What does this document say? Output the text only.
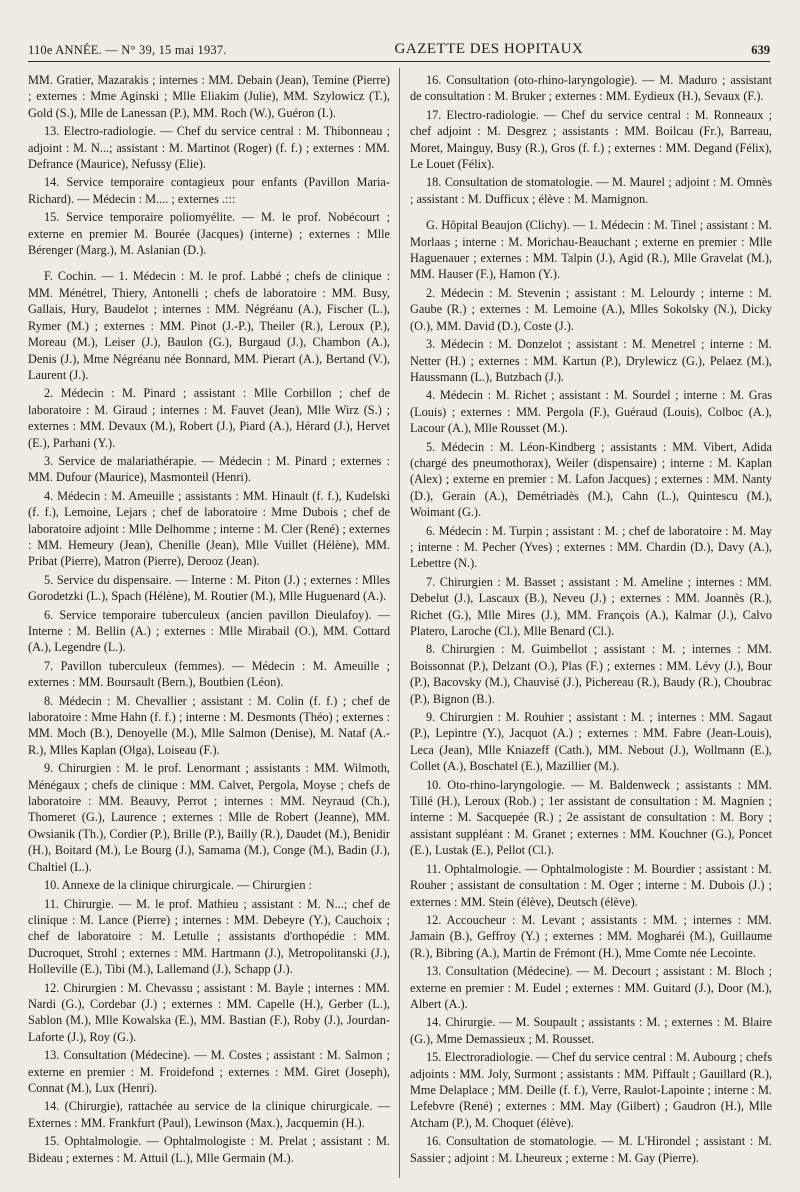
110e ANNÉE. — N° 39, 15 mai 1937.	GAZETTE DES HOPITAUX	639

MM. Gratier, Mazarakis ; internes : MM. Debain (Jean), Temine (Pierre) ; externes : Mme Aginski ; Mlle Eliakim (Julie), MM. Szylowicz (T.), Gold (S.), Mlle de Lanessan (P.), MM. Roch (W.), Guéron (I.).

13. Electro-radiologie. — Chef du service central : M. Thibonneau ; adjoint : M. N...; assistant : M. Martinot (Roger) (f. f.) ; externes : MM. Defrance (Maurice), Nefussy (Elie).

14. Service temporaire contagieux pour enfants (Pavillon Maria-Richard). — Médecin : M.... ; externes .:::

15. Service temporaire poliomyélite. — M. le prof. Nobécourt ; externe en premier M. Bourée (Jacques) (interne) ; externes : Mlle Bérenger (Marg.), M. Aslanian (D.).

F. Cochin. — 1. Médecin : M. le prof. Labbé ; chefs de clinique : MM. Ménétrel, Thiery, Antonelli ; chefs de laboratoire : MM. Busy, Gallais, Hury, Baudelot ; internes : MM. Négréanu (A.), Fischer (L.), Rymer (M.) ; externes : MM. Pinot (J.-P.), Theiler (R.), Leroux (P.), Moreau (M.), Leiser (J.), Baulon (G.), Burgaud (J.), Chambon (A.), Denis (J.), Mme Négréanu née Bonnard, MM. Pierart (A.), Bertand (V.), Laurent (J.).

2. Médecin : M. Pinard ; assistant : Mlle Corbillon ; chef de laboratoire : M. Giraud ; internes : M. Fauvet (Jean), Mlle Wirz (S.) ; externes : MM. Devaux (M.), Robert (J.), Piard (A.), Hérard (J.), Hervet (E.), Parhani (Y.).

3. Service de malariathérapie. — Médecin : M. Pinard ; externes : MM. Dufour (Maurice), Masmonteil (Henri).

4. Médecin : M. Ameuille ; assistants : MM. Hinault (f. f.), Kudelski (f. f.), Lemoine, Lejars ; chef de laboratoire : Mme Dubois ; chef de laboratoire adjoint : Mlle Delhomme ; interne : M. Cler (René) ; externes : MM. Hemeury (Jean), Chenille (Jean), Mlle Vuillet (Hélène), MM. Pribat (Pierre), Matron (Pierre), Derooz (Jean).

5. Service du dispensaire. — Interne : M. Piton (J.) ; externes : Mlles Gorodetzki (L.), Spach (Hélène), M. Routier (M.), Mlle Huguenard (A.).

6. Service temporaire tuberculeux (ancien pavillon Dieulafoy). — Interne : M. Bellin (A.) ; externes : Mlle Mirabail (O.), MM. Cottard (A.), Legendre (L.).

7. Pavillon tuberculeux (femmes). — Médecin : M. Ameuille ; externes : MM. Boursault (Bern.), Boutbien (Léon).

8. Médecin : M. Chevallier ; assistant : M. Colin (f. f.) ; chef de laboratoire : Mme Hahn (f. f.) ; interne : M. Desmonts (Théo) ; externes : MM. Moch (B.), Denoyelle (M.), Mlle Salmon (Denise), M. Nataf (A.-R.), Mlles Kaplan (Olga), Loiseau (F.).

9. Chirurgien : M. le prof. Lenormant ; assistants : MM. Wilmoth, Ménégaux ; chefs de clinique : MM. Calvet, Pergola, Moyse ; chefs de laboratoire : MM. Beauvy, Perrot ; internes : MM. Neyraud (Ch.), Thomeret (G.), Laurence ; externes : Mlle de Robert (Jeanne), MM. Owsianik (Th.), Cordier (P.), Brille (P.), Bailly (R.), Daudet (M.), Benidir (H.), Boitard (M.), Le Bourg (J.), Samama (M.), Conge (M.), Badin (J.), Chaltiel (L.).

10. Annexe de la clinique chirurgicale. — Chirurgien :

11. Chirurgie. — M. le prof. Mathieu ; assistant : M. N...; chef de clinique : M. Lance (Pierre) ; internes : MM. Debeyre (Y.), Cauchoix ; chef de laboratoire : M. Letulle ; assistants d'orthopédie : MM. Ducroquet, Strohl ; externes : MM. Hartmann (J.), Metropolitanski (J.), Holleville (E.), Tibi (M.), Lallemand (J.), Schapp (J.).

12. Chirurgien : M. Chevassu ; assistant : M. Bayle ; internes : MM. Nardi (G.), Cordebar (J.) ; externes : MM. Capelle (H.), Gerber (L.), Sablon (M.), Mlle Kowalska (E.), MM. Bastian (F.), Roby (J.), Jourdan-Laforte (J.), Roy (G.).

13. Consultation (Médecine). — M. Costes ; assistant : M. Salmon ; externe en premier : M. Froidefond ; externes : MM. Giret (Joseph), Connat (M.), Lux (Henri).

14. (Chirurgie), rattachée au service de la clinique chirurgicale. — Externes : MM. Frankfurt (Paul), Lewinson (Max.), Jacquemin (H.).

15. Ophtalmologie. — Ophtalmologiste : M. Prelat ; assistant : M. Bideau ; externes : M. Attuil (L.), Mlle Germain (M.).

16. Consultation (oto-rhino-laryngologie). — M. Maduro ; assistant de consultation : M. Bruker ; externes : MM. Eydieux (H.), Sevaux (F.).

17. Electro-radiologie. — Chef du service central : M. Ronneaux ; chef adjoint : M. Desgrez ; assistants : MM. Boilcau (Fr.), Barreau, Moret, Mainguy, Busy (R.), Gros (f. f.) ; externes : MM. Degand (Félix), Le Louet (Félix).

18. Consultation de stomatologie. — M. Maurel ; adjoint : M. Omnès ; assistant : M. Dufficux ; élève : M. Mamignon.

G. Hôpital Beaujon (Clichy). — 1. Médecin : M. Tinel ; assistant : M. Morlaas ; interne : M. Morichau-Beauchant ; externe en premier : Mlle Haguenauer ; externes : MM. Talpin (J.), Agid (R.), Mlle Gravelat (M.), MM. Hauser (F.), Hamon (Y.).

2. Médecin : M. Stevenin ; assistant : M. Lelourdy ; interne : M. Gaube (R.) ; externes : M. Lemoine (A.), Mlles Sokolsky (N.), Dicky (O.), MM. David (D.), Coste (J.).

3. Médecin : M. Donzelot ; assistant : M. Menetrel ; interne : M. Netter (H.) ; externes : MM. Kartun (P.), Drylewicz (G.), Pelaez (M.), Haussmann (L.), Butzbach (J.).

4. Médecin : M. Richet ; assistant : M. Sourdel ; interne : M. Gras (Louis) ; externes : MM. Pergola (F.), Guéraud (Louis), Colboc (A.), Lacour (A.), Mlle Rousset (M.).

5. Médecin : M. Léon-Kindberg ; assistants : MM. Vibert, Adida (chargé des pneumothorax), Weiler (dispensaire) ; interne : M. Kaplan (Alex) ; externe en premier : M. Lafon Jacques) ; externes : MM. Nanty (D.), Gerain (A.), Demétriadès (M.), Cahn (L.), Quintescu (M.), Woimant (G.).

6. Médecin : M. Turpin ; assistant : M. ; chef de laboratoire : M. May ; interne : M. Pecher (Yves) ; externes : MM. Chardin (D.), Davy (A.), Lebettre (N.).

7. Chirurgien : M. Basset ; assistant : M. Ameline ; internes : MM. Debelut (J.), Lascaux (B.), Neveu (J.) ; externes : MM. Joannès (R.), Richet (G.), Mlle Mires (J.), MM. François (A.), Kalmar (J.), Calvo Platero, Laroche (Cl.), Mlle Benard (Cl.).

8. Chirurgien : M. Guimbellot ; assistant : M. ; internes : MM. Boissonnat (P.), Delzant (O.), Plas (F.) ; externes : MM. Lévy (J.), Bour (P.), Bacovsky (M.), Chauvisé (J.), Pichereau (R.), Baudy (R.), Choubrac (P.), Bignon (B.).

9. Chirurgien : M. Rouhier ; assistant : M. ; internes : MM. Sagaut (P.), Lepintre (Y.), Jacquot (A.) ; externes : MM. Fabre (Jean-Louis), Leca (Jean), Mlle Kniazeff (Cath.), MM. Nebout (J.), Wollmann (E.), Collet (A.), Boschatel (E.), Mazillier (M.).

10. Oto-rhino-laryngologie. — M. Baldenweck ; assistants : MM. Tillé (H.), Leroux (Rob.) ; 1er assistant de consultation : M. Magnien ; interne : M. Sacquepée (R.) ; 2e assistant de consultation : M. Bory ; assistant suppléant : M. Granet ; externes : MM. Kouchner (G.), Poncet (E.), Lustak (E.), Pellot (Cl.).

11. Ophtalmologie. — Ophtalmologiste : M. Bourdier ; assistant : M. Rouher ; assistant de consultation : M. Oger ; interne : M. Dubois (J.) ; externes : MM. Stein (élève), Deutsch (élève).

12. Accoucheur : M. Levant ; assistants : MM. ; internes : MM. Jamain (B.), Geffroy (Y.) ; externes : MM. Mogharéi (M.), Guillaume (R.), Bibring (A.), Martin de Frémont (H.), Mme Comte née Lecointe.

13. Consultation (Médecine). — M. Decourt ; assistant : M. Bloch ; externe en premier : M. Eudel ; externes : MM. Guitard (J.), Door (M.), Albert (A.).

14. Chirurgie. — M. Soupault ; assistants : M. ; externes : M. Blaire (G.), Mme Demassieux ; M. Rousset.

15. Electroradiologie. — Chef du service central : M. Aubourg ; chefs adjoints : MM. Joly, Surmont ; assistants : MM. Piffault ; Gauillard (R.), Mme Delaplace ; MM. Deille (f. f.), Verre, Raulot-Lapointe ; interne : M. Lefebvre (René) ; externes : MM. May (Gilbert) ; Gaudron (H.), Mlle Atcham (P.), M. Choquet (élève).

16. Consultation de stomatologie. — M. L'Hirondel ; assistant : M. Sassier ; adjoint : M. Lheureux ; externe : M. Gay (Pierre).
